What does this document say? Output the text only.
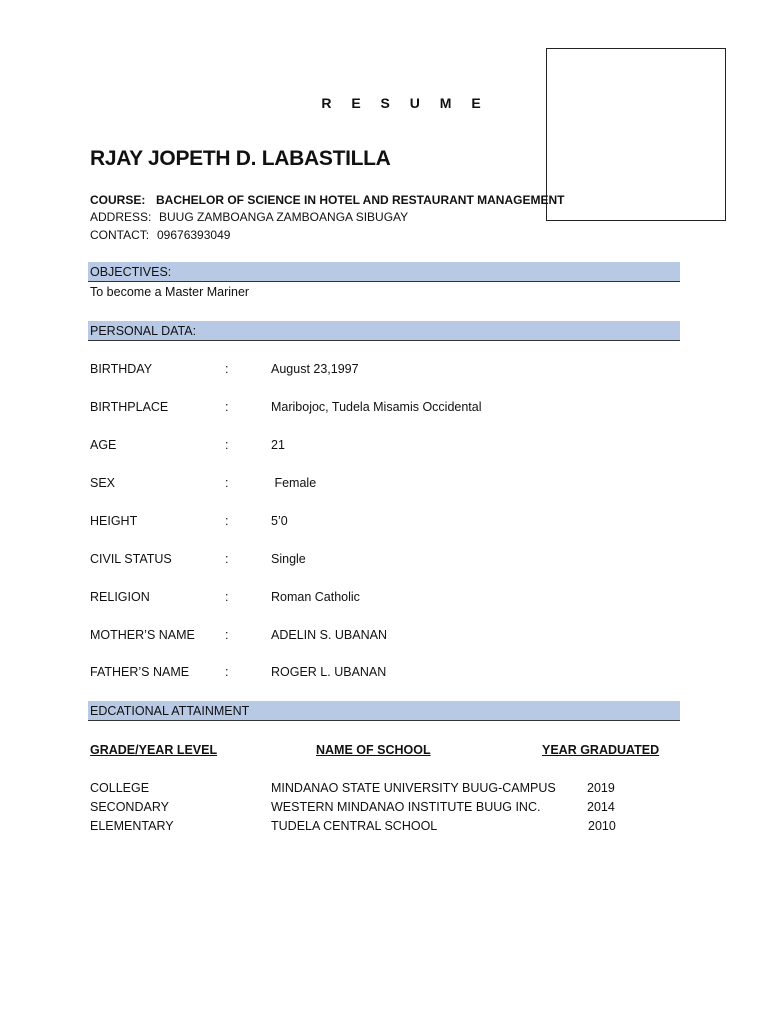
R E S U M E
RJAY JOPETH D. LABASTILLA
COURSE: BACHELOR OF SCIENCE IN HOTEL AND RESTAURANT MANAGEMENT
ADDRESS: BUUG ZAMBOANGA ZAMBOANGA SIBUGAY
CONTACT: 09676393049
OBJECTIVES:
To become a Master Mariner
PERSONAL DATA:
BIRTHDAY	:	August 23,1997
BIRTHPLACE	:	Maribojoc, Tudela Misamis Occidental
AGE	:	21
SEX	:	Female
HEIGHT	:	5’0
CIVIL STATUS	:	Single
RELIGION	:	Roman Catholic
MOTHER’S NAME :	ADELIN S. UBANAN
FATHER’S NAME	:	ROGER L. UBANAN
EDCATIONAL ATTAINMENT
GRADE/YEAR LEVEL	NAME OF SCHOOL	YEAR GRADUATED
COLLEGE	MINDANAO STATE UNIVERSITY BUUG-CAMPUS 2019
SECONDARY	WESTERN MINDANAO INSTITUTE BUUG INC.	2014
ELEMENTARY	TUDELA CENTRAL SCHOOL	2010
